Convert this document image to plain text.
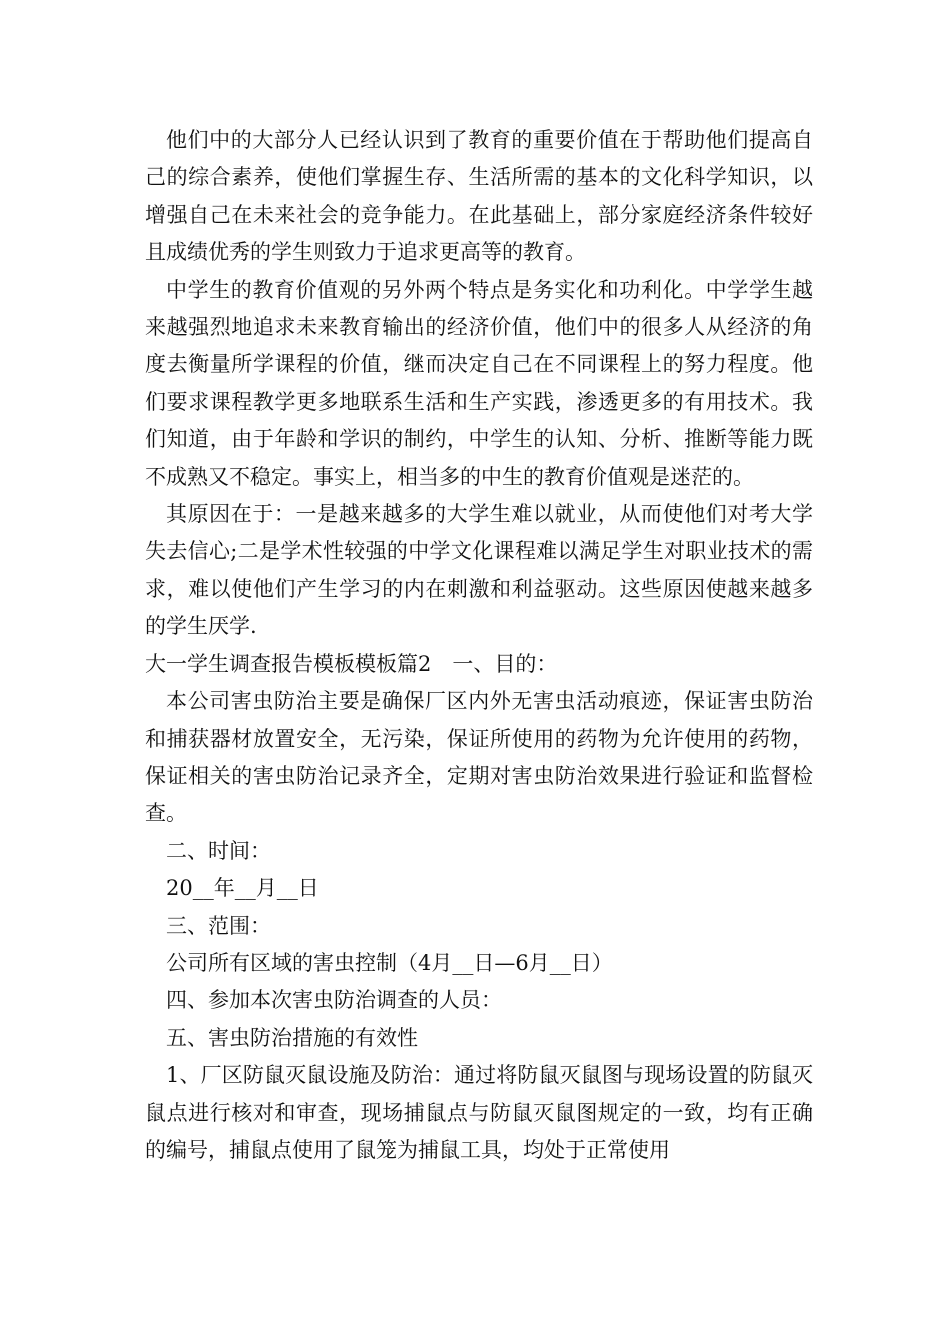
他们中的大部分人已经认识到了教育的重要价值在于帮助他们提高自己的综合素养，使他们掌握生存、生活所需的基本的文化科学知识，以增强自己在未来社会的竞争能力。在此基础上，部分家庭经济条件较好且成绩优秀的学生则致力于追求更高等的教育。

中学生的教育价值观的另外两个特点是务实化和功利化。中学学生越来越强烈地追求未来教育输出的经济价值，他们中的很多人从经济的角度去衡量所学课程的价值，继而决定自己在不同课程上的努力程度。他们要求课程教学更多地联系生活和生产实践，渗透更多的有用技术。我们知道，由于年龄和学识的制约，中学生的认知、分析、推断等能力既不成熟又不稳定。事实上，相当多的中生的教育价值观是迷茫的。

其原因在于：一是越来越多的大学生难以就业，从而使他们对考大学失去信心;二是学术性较强的中学文化课程难以满足学生对职业技术的需求，难以使他们产生学习的内在刺激和利益驱动。这些原因使越来越多的学生厌学.

大一学生调查报告模板模板篇2　一、目的：

本公司害虫防治主要是确保厂区内外无害虫活动痕迹，保证害虫防治和捕获器材放置安全，无污染，保证所使用的药物为允许使用的药物，保证相关的害虫防治记录齐全，定期对害虫防治效果进行验证和监督检查。

二、时间：

20__年__月__日

三、范围：

公司所有区域的害虫控制（4月__日—6月__日）

四、参加本次害虫防治调查的人员：

五、害虫防治措施的有效性

1、厂区防鼠灭鼠设施及防治：通过将防鼠灭鼠图与现场设置的防鼠灭鼠点进行核对和审查，现场捕鼠点与防鼠灭鼠图规定的一致，均有正确的编号，捕鼠点使用了鼠笼为捕鼠工具，均处于正常使用
